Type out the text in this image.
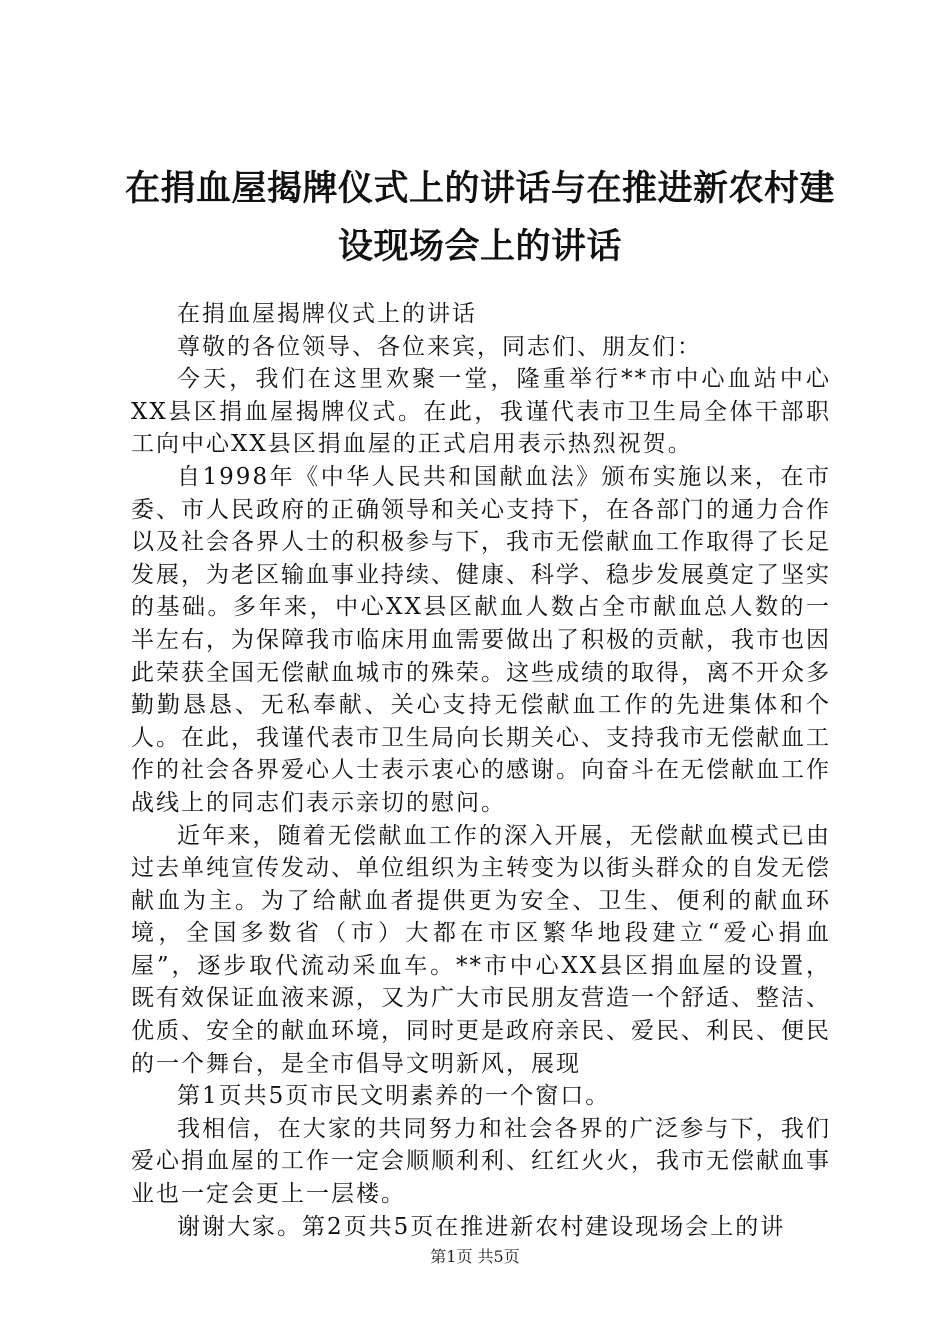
在捐血屋揭牌仪式上的讲话与在推进新农村建设现场会上的讲话

在捐血屋揭牌仪式上的讲话

尊敬的各位领导、各位来宾，同志们、朋友们：

今天，我们在这里欢聚一堂，隆重举行**市中心血站中心XX县区捐血屋揭牌仪式。在此，我谨代表市卫生局全体干部职工向中心XX县区捐血屋的正式启用表示热烈祝贺。

自1998年《中华人民共和国献血法》颁布实施以来，在市委、市人民政府的正确领导和关心支持下，在各部门的通力合作以及社会各界人士的积极参与下，我市无偿献血工作取得了长足发展，为老区输血事业持续、健康、科学、稳步发展奠定了坚实的基础。多年来，中心XX县区献血人数占全市献血总人数的一半左右，为保障我市临床用血需要做出了积极的贡献，我市也因此荣获全国无偿献血城市的殊荣。这些成绩的取得，离不开众多勤勤恳恳、无私奉献、关心支持无偿献血工作的先进集体和个人。在此，我谨代表市卫生局向长期关心、支持我市无偿献血工作的社会各界爱心人士表示衷心的感谢。向奋斗在无偿献血工作战线上的同志们表示亲切的慰问。

近年来，随着无偿献血工作的深入开展，无偿献血模式已由过去单纯宣传发动、单位组织为主转变为以街头群众的自发无偿献血为主。为了给献血者提供更为安全、卫生、便利的献血环境，全国多数省（市）大都在市区繁华地段建立“爱心捐血屋”，逐步取代流动采血车。**市中心XX县区捐血屋的设置，既有效保证血液来源，又为广大市民朋友营造一个舒适、整洁、优质、安全的献血环境，同时更是政府亲民、爱民、利民、便民的一个舞台，是全市倡导文明新风，展现

第1页共5页市民文明素养的一个窗口。

我相信，在大家的共同努力和社会各界的广泛参与下，我们爱心捐血屋的工作一定会顺顺利利、红红火火，我市无偿献血事业也一定会更上一层楼。

谢谢大家。第2页共5页在推进新农村建设现场会上的讲

第1页 共5页
